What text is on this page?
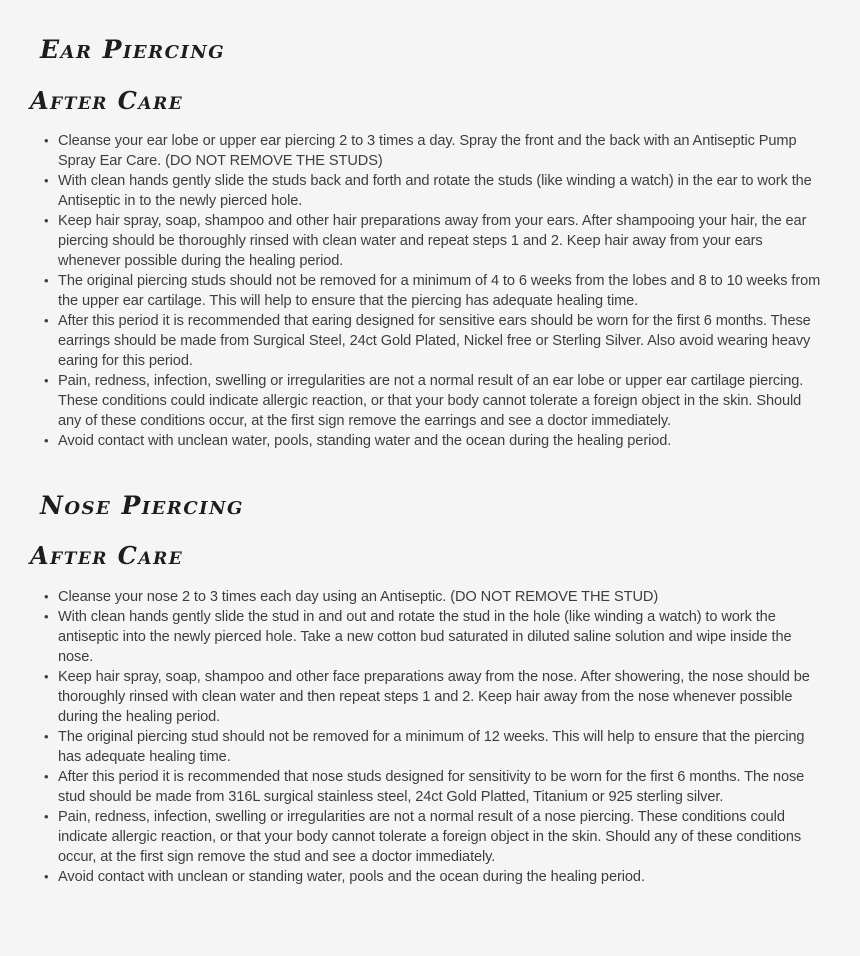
Ear Piercing
After Care
• Cleanse your ear lobe or upper ear piercing 2 to 3 times a day. Spray the front and the back with an Antiseptic Pump Spray Ear Care. (DO NOT REMOVE THE STUDS)
• With clean hands gently slide the studs back and forth and rotate the studs (like winding a watch) in the ear to work the Antiseptic in to the newly pierced hole.
• Keep hair spray, soap, shampoo and other hair preparations away from your ears. After shampooing your hair, the ear piercing should be thoroughly rinsed with clean water and repeat steps 1 and 2. Keep hair away from your ears whenever possible during the healing period.
• The original piercing studs should not be removed for a minimum of 4 to 6 weeks from the lobes and 8 to 10 weeks from the upper ear cartilage. This will help to ensure that the piercing has adequate healing time.
• After this period it is recommended that earing designed for sensitive ears should be worn for the first 6 months. These earrings should be made from Surgical Steel, 24ct Gold Plated, Nickel free or Sterling Silver. Also avoid wearing heavy earing for this period.
• Pain, redness, infection, swelling or irregularities are not a normal result of an ear lobe or upper ear cartilage piercing. These conditions could indicate allergic reaction, or that your body cannot tolerate a foreign object in the skin. Should any of these conditions occur, at the first sign remove the earrings and see a doctor immediately.
• Avoid contact with unclean water, pools, standing water and the ocean during the healing period.
Nose Piercing
After Care
• Cleanse your nose 2 to 3 times each day using an Antiseptic. (DO NOT REMOVE THE STUD)
• With clean hands gently slide the stud in and out and rotate the stud in the hole (like winding a watch) to work the antiseptic into the newly pierced hole. Take a new cotton bud saturated in diluted saline solution and wipe inside the nose.
• Keep hair spray, soap, shampoo and other face preparations away from the nose. After showering, the nose should be thoroughly rinsed with clean water and then repeat steps 1 and 2. Keep hair away from the nose whenever possible during the healing period.
• The original piercing stud should not be removed for a minimum of 12 weeks. This will help to ensure that the piercing has adequate healing time.
• After this period it is recommended that nose studs designed for sensitivity to be worn for the first 6 months. The nose stud should be made from 316L surgical stainless steel, 24ct Gold Platted, Titanium or 925 sterling silver.
• Pain, redness, infection, swelling or irregularities are not a normal result of a nose piercing. These conditions could indicate allergic reaction, or that your body cannot tolerate a foreign object in the skin. Should any of these conditions occur, at the first sign remove the stud and see a doctor immediately.
• Avoid contact with unclean or standing water, pools and the ocean during the healing period.
